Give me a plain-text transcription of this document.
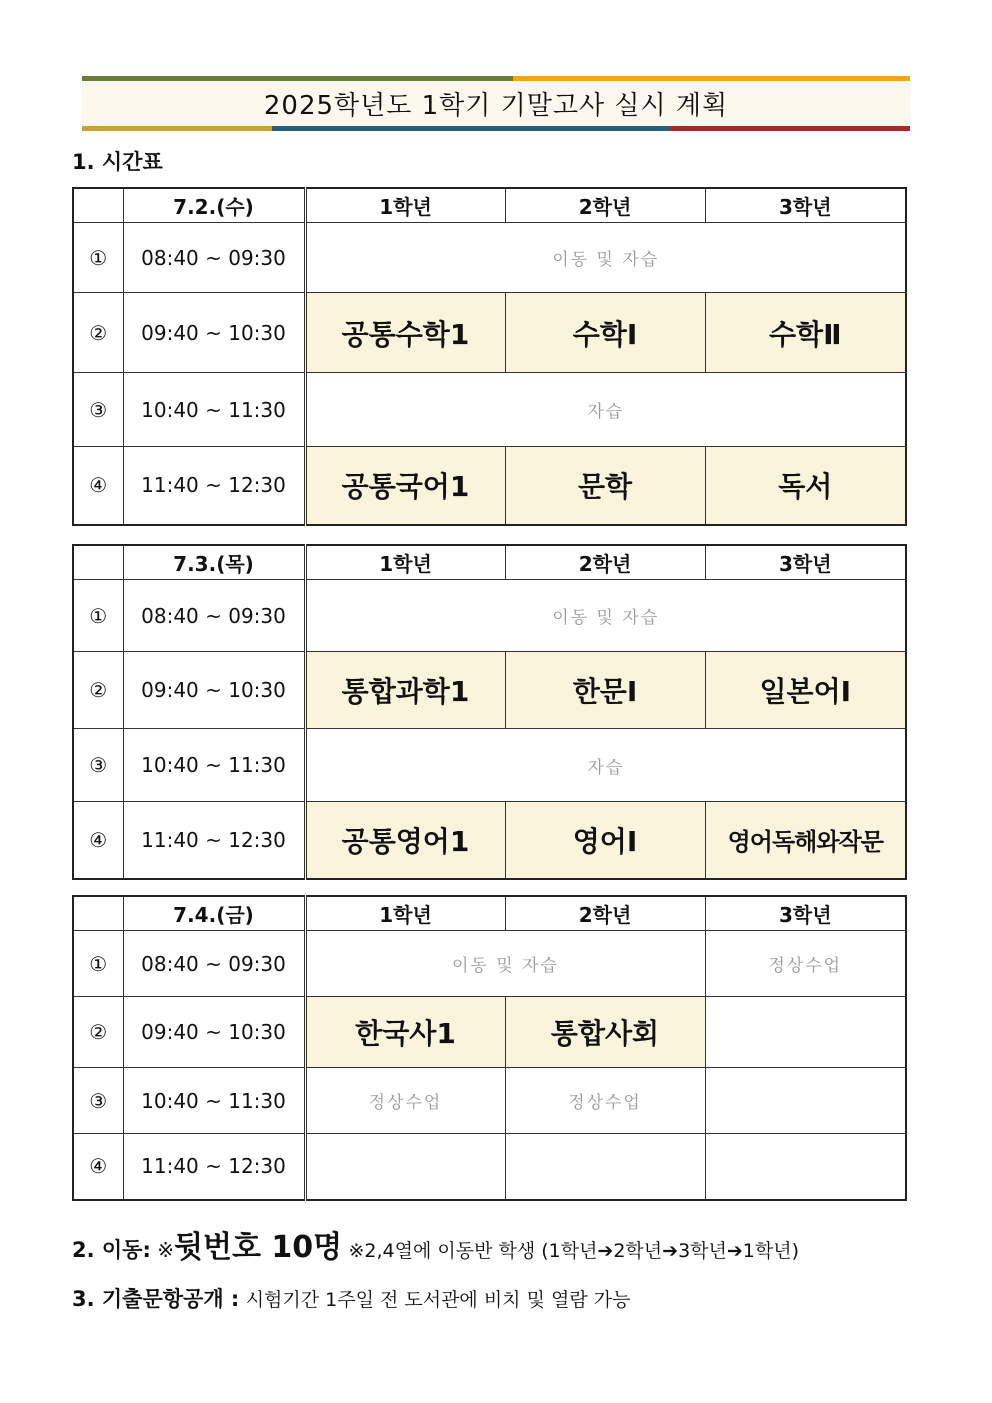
2025학년도 1학기 기말고사 실시 계획
1. 시간표
	7.2.(수)	1학년	2학년	3학년
①	08:40 ~ 09:30	이동 및 자습		
②	09:40 ~ 10:30	공통수학1	수학Ⅰ	수학Ⅱ
③	10:40 ~ 11:30	자습		
④	11:40 ~ 12:30	공통국어1	문학	독서
	7.3.(목)	1학년	2학년	3학년
①	08:40 ~ 09:30	이동 및 자습		
②	09:40 ~ 10:30	통합과학1	한문Ⅰ	일본어Ⅰ
③	10:40 ~ 11:30	자습		
④	11:40 ~ 12:30	공통영어1	영어Ⅰ	영어독해와작문
	7.4.(금)	1학년	2학년	3학년
①	08:40 ~ 09:30	이동 및 자습		정상수업
②	09:40 ~ 10:30	한국사1	통합사회	
③	10:40 ~ 11:30	정상수업	정상수업	
④	11:40 ~ 12:30			
2. 이동: ※뒷번호 10명 ※2,4열에 이동반 학생 (1학년➔2학년➔3학년➔1학년)
3. 기출문항공개 : 시험기간 1주일 전 도서관에 비치 및 열람 가능
